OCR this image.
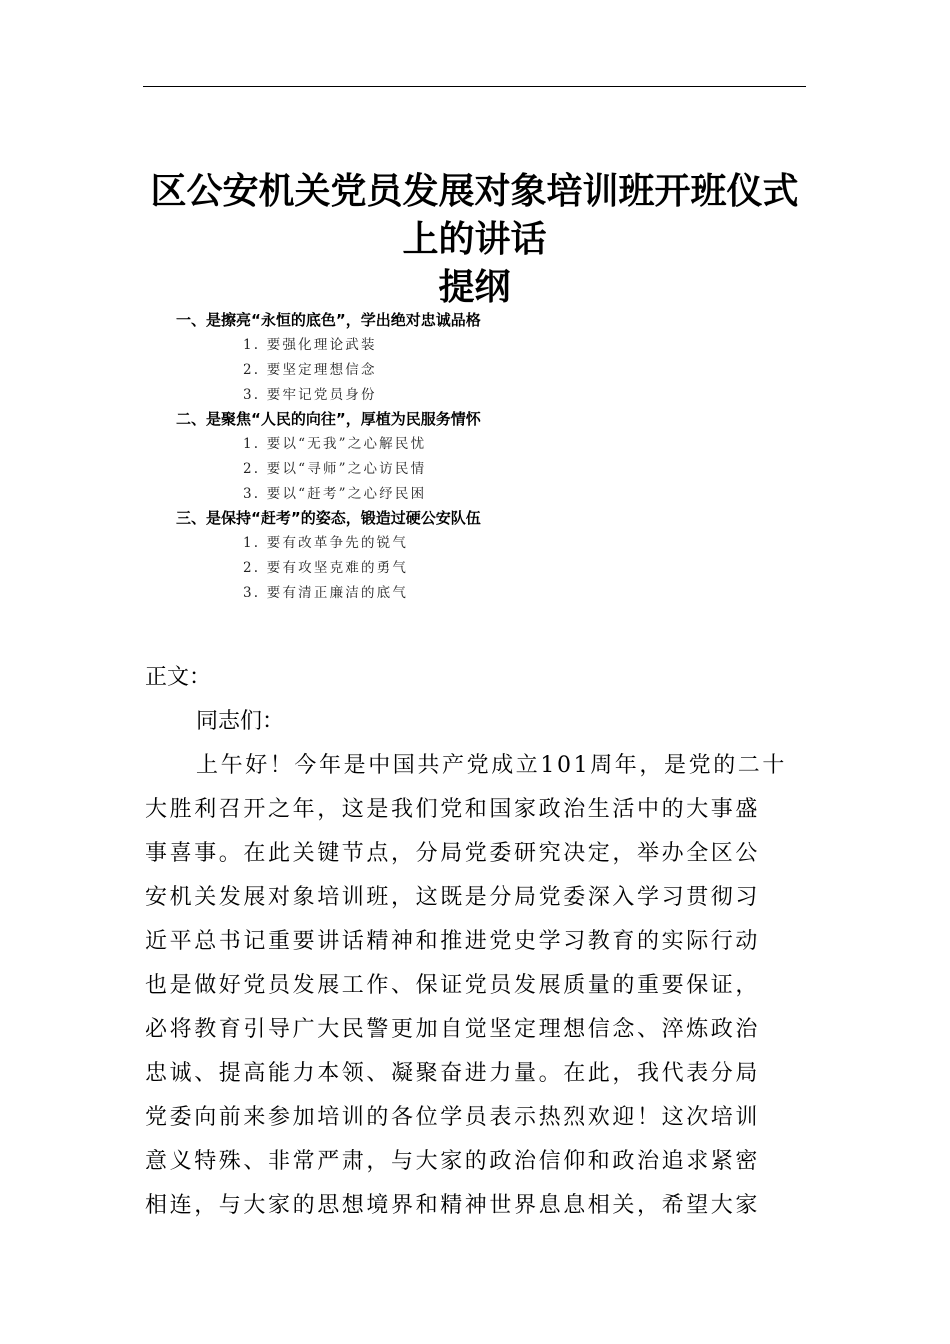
区公安机关党员发展对象培训班开班仪式
上的讲话
提纲
一、是擦亮“永恒的底色”，学出绝对忠诚品格
1. 要强化理论武装
2. 要坚定理想信念
3. 要牢记党员身份
二、是聚焦“人民的向往”，厚植为民服务情怀
1. 要以“无我”之心解民忧
2. 要以“寻师”之心访民情
3. 要以“赶考”之心纾民困
三、是保持“赶考”的姿态，锻造过硬公安队伍
1. 要有改革争先的锐气
2. 要有攻坚克难的勇气
3. 要有清正廉洁的底气
正文：
同志们：
上午好！今年是中国共产党成立101周年，是党的二十
大胜利召开之年，这是我们党和国家政治生活中的大事盛
事喜事。在此关键节点，分局党委研究决定，举办全区公
安机关发展对象培训班，这既是分局党委深入学习贯彻习
近平总书记重要讲话精神和推进党史学习教育的实际行动
也是做好党员发展工作、保证党员发展质量的重要保证，
必将教育引导广大民警更加自觉坚定理想信念、淬炼政治
忠诚、提高能力本领、凝聚奋进力量。在此，我代表分局
党委向前来参加培训的各位学员表示热烈欢迎！这次培训
意义特殊、非常严肃，与大家的政治信仰和政治追求紧密
相连，与大家的思想境界和精神世界息息相关，希望大家
